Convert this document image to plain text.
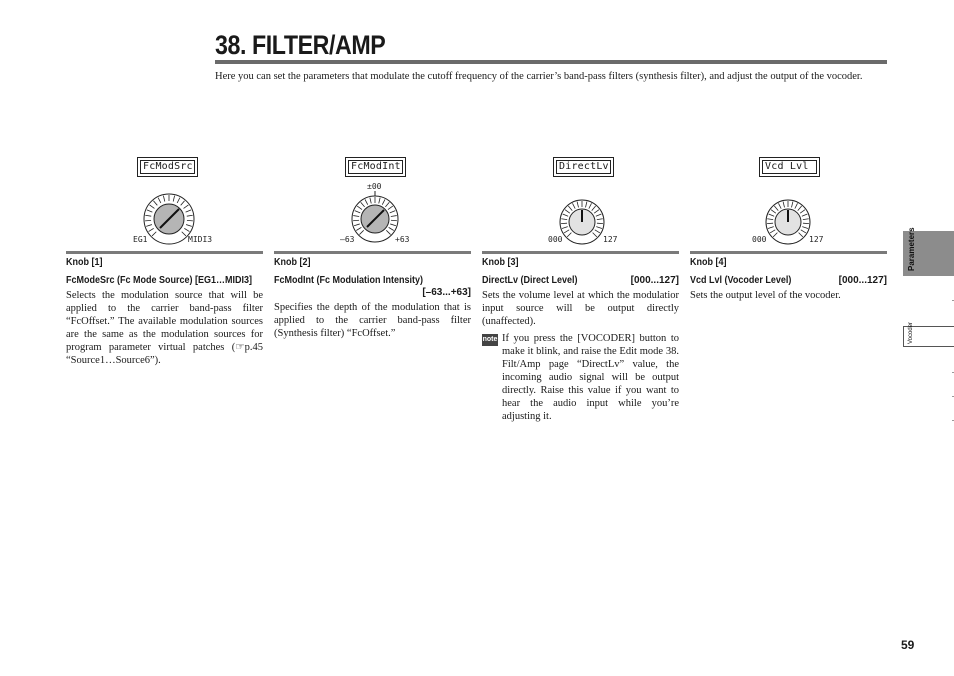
38. FILTER/AMP

Here you can set the parameters that modulate the cutoff frequency of the carrier’s band-pass filters (synthesis filter), and adjust the output of the vocoder.

FcModSrc
EG1	MIDI3
Knob [1]
FcModeSrc (Fc Mode Source) [EG1…MIDI3]

Selects the modulation source that will be applied to the carrier band-pass filter “FcOffset.” The available modulation sources are the same as the modulation sources for program parameter virtual patches (☞p.45 “Source1…Source6”).

FcModInt
±00
–63	+63
Knob [2]
FcModInt (Fc Modulation Intensity)
[–63...+63]

Specifies the depth of the modulation that is applied to the carrier band-pass filter (Synthesis filter) “FcOffset.”

DirectLv
000	127
Knob [3]
DirectLv (Direct Level)	[000...127]

Sets the volume level at which the modulatior input source will be output directly (unaffected).

note If you press the [VOCODER] button to make it blink, and raise the Edit mode 38. Filt/Amp page “DirectLv” value, the incoming audio signal will be output directly. Raise this value if you want to hear the audio input while you’re adjusting it.

Vcd Lvl
000	127
Knob [4]
Vcd Lvl (Vocoder Level)	[000...127]

Sets the output level of the vocoder.

Parameters
Vocoder
59
